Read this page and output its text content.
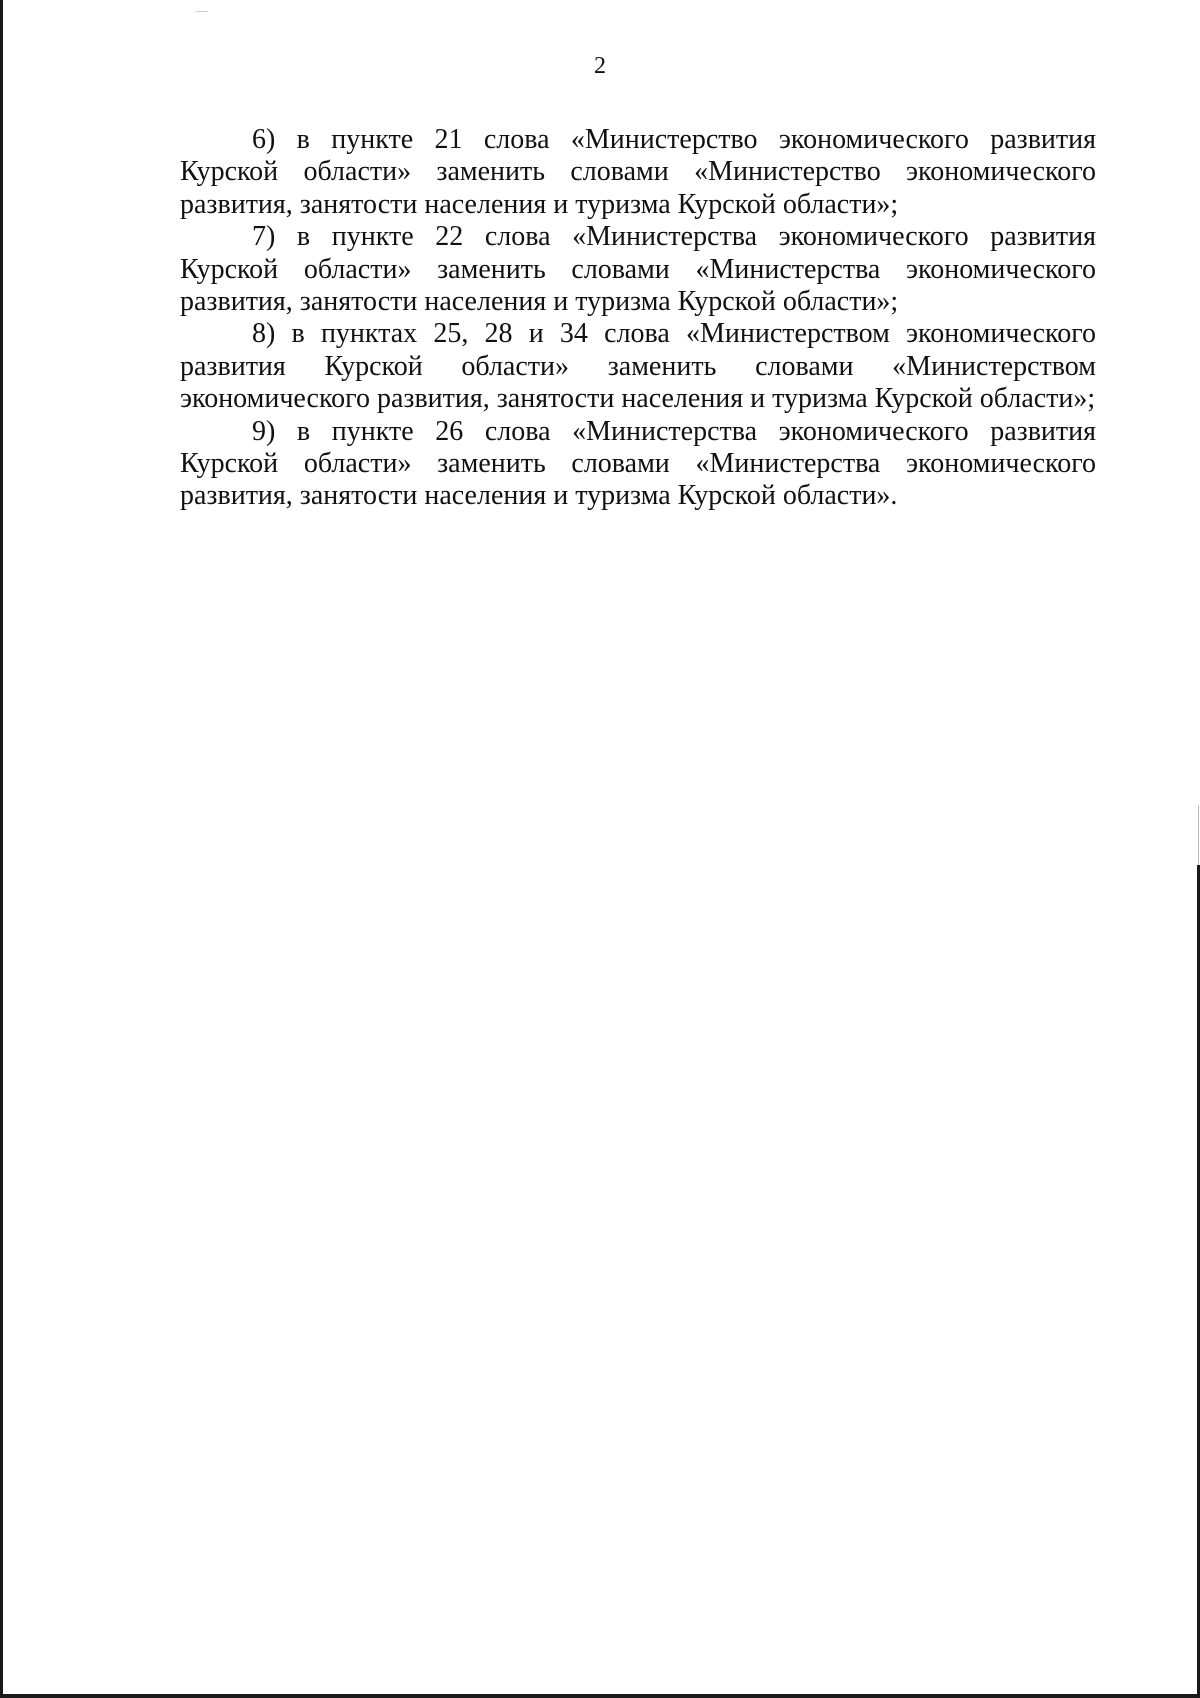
2

6) в пункте 21 слова «Министерство экономического развития Курской области» заменить словами «Министерство экономического развития, занятости населения и туризма Курской области»;

7) в пункте 22 слова «Министерства экономического развития Курской области» заменить словами «Министерства экономического развития, занятости населения и туризма Курской области»;

8) в пунктах 25, 28 и 34 слова «Министерством экономического развития Курской области» заменить словами «Министерством экономического развития, занятости населения и туризма Курской области»;

9) в пункте 26 слова «Министерства экономического развития Курской области» заменить словами «Министерства экономического развития, занятости населения и туризма Курской области».
